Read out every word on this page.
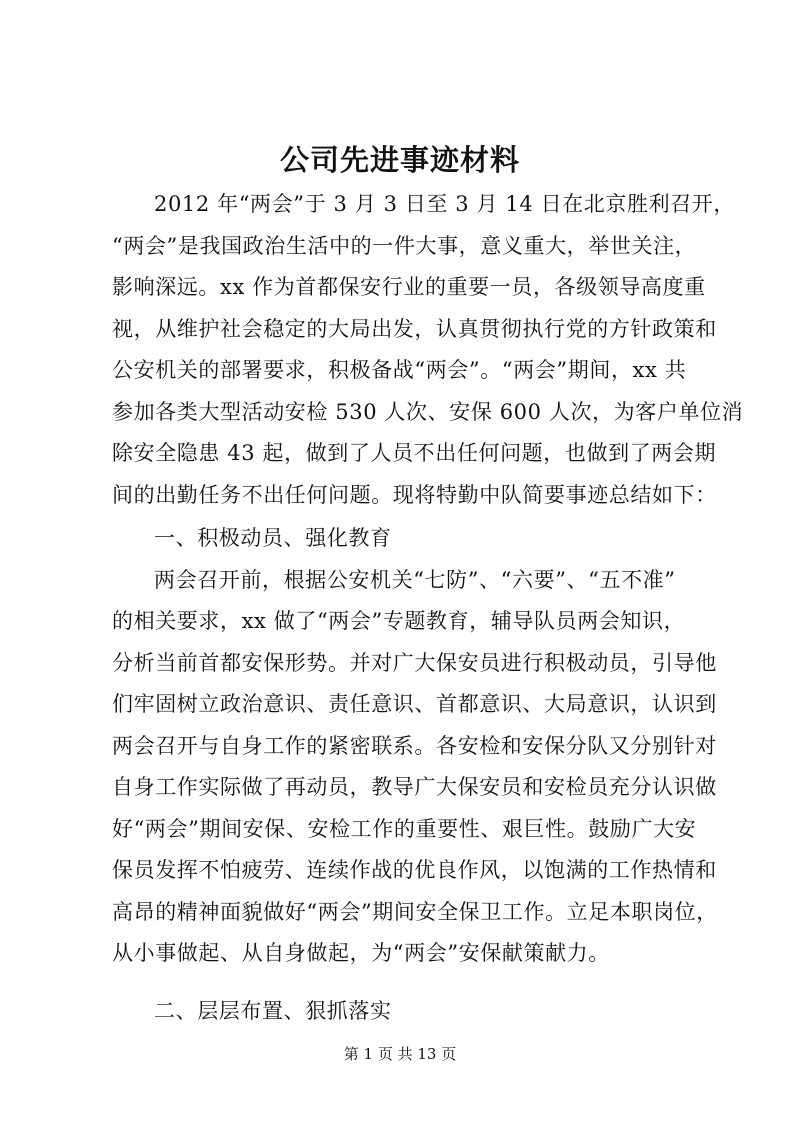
公司先进事迹材料
2012 年“两会”于 3 月 3 日至 3 月 14 日在北京胜利召开，
“两会”是我国政治生活中的一件大事，意义重大，举世关注，
影响深远。xx 作为首都保安行业的重要一员，各级领导高度重
视，从维护社会稳定的大局出发，认真贯彻执行党的方针政策和
公安机关的部署要求，积极备战“两会”。“两会”期间，xx 共
参加各类大型活动安检 530 人次、安保 600 人次，为客户单位消
除安全隐患 43 起，做到了人员不出任何问题，也做到了两会期
间的出勤任务不出任何问题。现将特勤中队简要事迹总结如下：
一、积极动员、强化教育
两会召开前，根据公安机关“七防”、“六要”、“五不准”
的相关要求，xx 做了“两会”专题教育，辅导队员两会知识，
分析当前首都安保形势。并对广大保安员进行积极动员，引导他
们牢固树立政治意识、责任意识、首都意识、大局意识，认识到
两会召开与自身工作的紧密联系。各安检和安保分队又分别针对
自身工作实际做了再动员，教导广大保安员和安检员充分认识做
好“两会”期间安保、安检工作的重要性、艰巨性。鼓励广大安
保员发挥不怕疲劳、连续作战的优良作风，以饱满的工作热情和
高昂的精神面貌做好“两会”期间安全保卫工作。立足本职岗位，
从小事做起、从自身做起，为“两会”安保献策献力。
二、层层布置、狠抓落实
第 1 页 共 13 页
